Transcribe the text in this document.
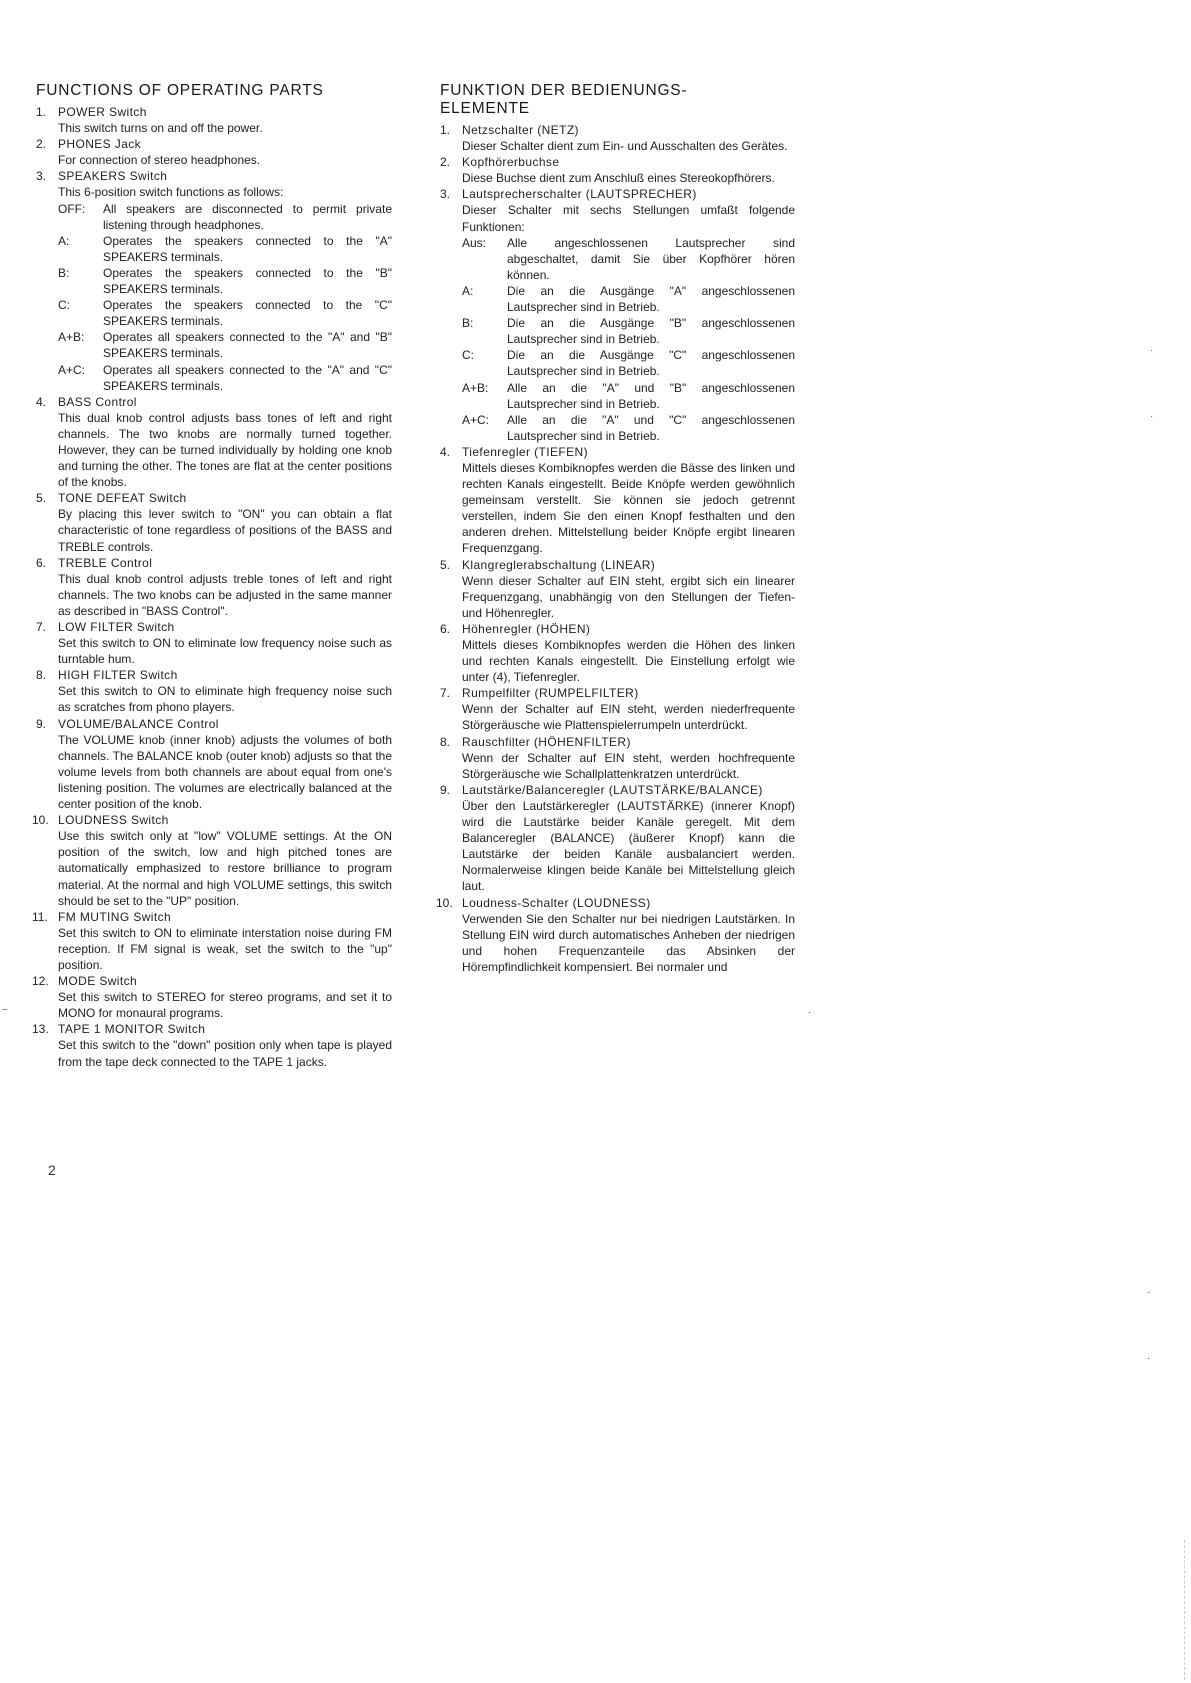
FUNCTIONS OF OPERATING PARTS
1. POWER Switch
This switch turns on and off the power.
2. PHONES Jack
For connection of stereo headphones.
3. SPEAKERS Switch
This 6-position switch functions as follows:
OFF: All speakers are disconnected to permit private listening through headphones.
A:	Operates the speakers connected to the "A" SPEAKERS terminals.
B:	Operates the speakers connected to the "B" SPEAKERS terminals.
C:	Operates the speakers connected to the "C" SPEAKERS terminals.
A+B: Operates all speakers connected to the "A" and "B" SPEAKERS terminals.
A+C: Operates all speakers connected to the "A" and "C" SPEAKERS terminals.
4. BASS Control
This dual knob control adjusts bass tones of left and right channels. The two knobs are normally turned together. However, they can be turned individually by holding one knob and turning the other. The tones are flat at the center positions of the knobs.
5. TONE DEFEAT Switch
By placing this lever switch to "ON" you can obtain a flat characteristic of tone regardless of positions of the BASS and TREBLE controls.
6. TREBLE Control
This dual knob control adjusts treble tones of left and right channels. The two knobs can be adjusted in the same manner as described in "BASS Control".
7. LOW FILTER Switch
Set this switch to ON to eliminate low frequency noise such as turntable hum.
8. HIGH FILTER Switch
Set this switch to ON to eliminate high frequency noise such as scratches from phono players.
9. VOLUME/BALANCE Control
The VOLUME knob (inner knob) adjusts the volumes of both channels. The BALANCE knob (outer knob) adjusts so that the volume levels from both channels are about equal from one's listening position. The volumes are electrically balanced at the center position of the knob.
10. LOUDNESS Switch
Use this switch only at "low" VOLUME settings. At the ON position of the switch, low and high pitched tones are automatically emphasized to restore brilliance to program material. At the normal and high VOLUME settings, this switch should be set to the "UP" position.
11. FM MUTING Switch
Set this switch to ON to eliminate interstation noise during FM reception. If FM signal is weak, set the switch to the "up" position.
12. MODE Switch
Set this switch to STEREO for stereo programs, and set it to MONO for monaural programs.
13. TAPE 1 MONITOR Switch
Set this switch to the "down" position only when tape is played from the tape deck connected to the TAPE 1 jacks.
FUNKTION DER BEDIENUNGS-ELEMENTE
1. Netzschalter (NETZ)
Dieser Schalter dient zum Ein- und Ausschalten des Gerätes.
2. Kopfhörerbuchse
Diese Buchse dient zum Anschluß eines Stereokopfhörers.
3. Lautsprecherschalter (LAUTSPRECHER)
Dieser Schalter mit sechs Stellungen umfaßt folgende Funktionen:
Aus: Alle angeschlossenen Lautsprecher sind abgeschaltet, damit Sie über Kopfhörer hören können.
A:	Die an die Ausgänge "A" angeschlossenen Lautsprecher sind in Betrieb.
B:	Die an die Ausgänge "B" angeschlossenen Lautsprecher sind in Betrieb.
C:	Die an die Ausgänge "C" angeschlossenen Lautsprecher sind in Betrieb.
A+B: Alle an die "A" und "B" angeschlossenen Lautsprecher sind in Betrieb.
A+C: Alle an die "A" und "C" angeschlossenen Lautsprecher sind in Betrieb.
4. Tiefenregler (TIEFEN)
Mittels dieses Kombiknopfes werden die Bässe des linken und rechten Kanals eingestellt. Beide Knöpfe werden gewöhnlich gemeinsam verstellt. Sie können sie jedoch getrennt verstellen, indem Sie den einen Knopf festhalten und den anderen drehen. Mittelstellung beider Knöpfe ergibt linearen Frequenzgang.
5. Klangreglerabschaltung (LINEAR)
Wenn dieser Schalter auf EIN steht, ergibt sich ein linearer Frequenzgang, unabhängig von den Stellungen der Tiefen- und Höhenregler.
6. Höhenregler (HÖHEN)
Mittels dieses Kombiknopfes werden die Höhen des linken und rechten Kanals eingestellt. Die Einstellung erfolgt wie unter (4), Tiefenregler.
7. Rumpelfilter (RUMPELFILTER)
Wenn der Schalter auf EIN steht, werden niederfrequente Störgeräusche wie Plattenspielerrumpeln unterdrückt.
8. Rauschfilter (HÖHENFILTER)
Wenn der Schalter auf EIN steht, werden hochfrequente Störgeräusche wie Schallplattenkratzen unterdrückt.
9. Lautstärke/Balanceregler (LAUTSTÄRKE/BALANCE)
Über den Lautstärkeregler (LAUTSTÄRKE) (innerer Knopf) wird die Lautstärke beider Kanäle geregelt. Mit dem Balanceregler (BALANCE) (äußerer Knopf) kann die Lautstärke der beiden Kanäle ausbalanciert werden. Normalerweise klingen beide Kanäle bei Mittelstellung gleich laut.
10. Loudness-Schalter (LOUDNESS)
Verwenden Sie den Schalter nur bei niedrigen Lautstärken. In Stellung EIN wird durch automatisches Anheben der niedrigen und hohen Frequenzanteile das Absinken der Hörempfindlichkeit kompensiert. Bei normaler und
2
·
·
·
·
·
–
